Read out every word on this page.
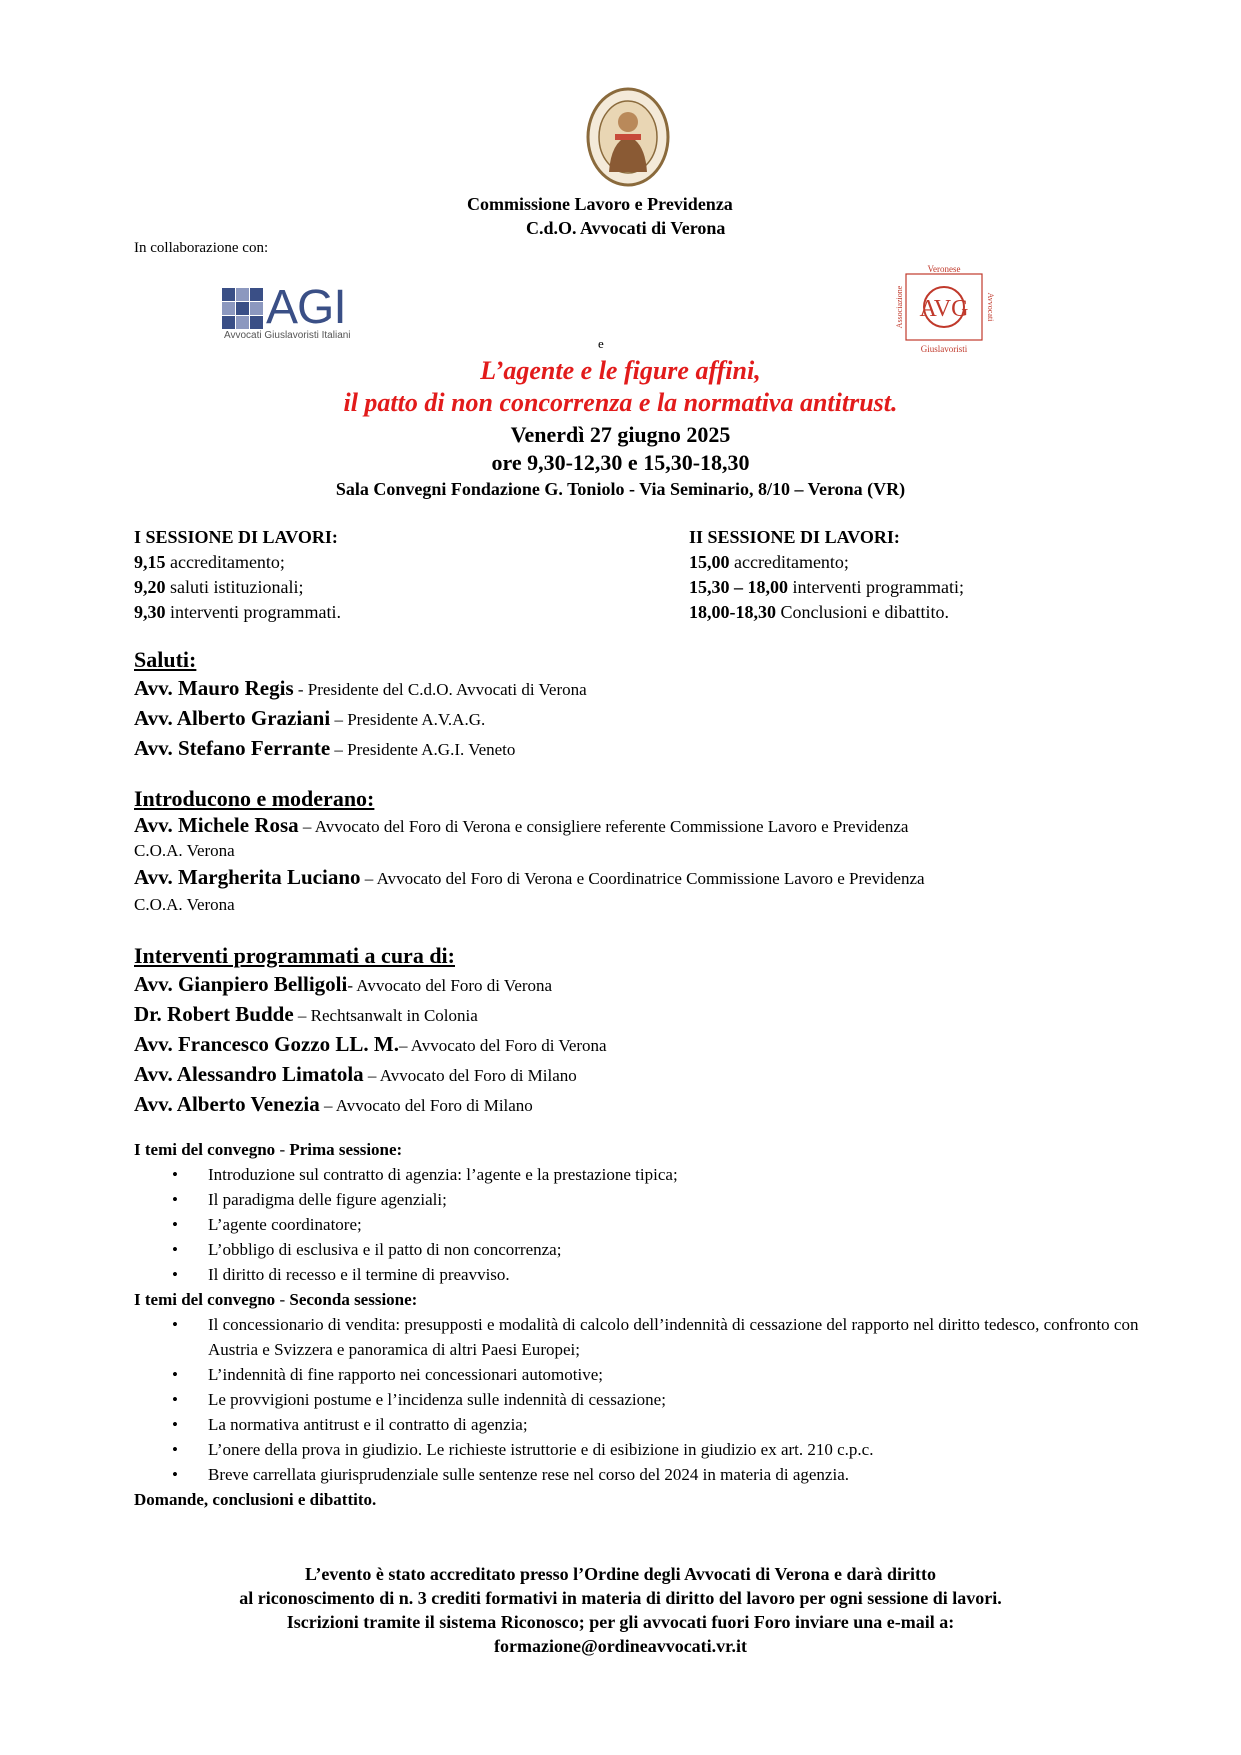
Commissione Lavoro e Previdenza
C.d.O. Avvocati di Verona
In collaborazione con:
AGI
Avvocati Giuslavoristi Italiani
e
AVG
Veronese
Giuslavoristi
Associazione	Avvocati
L’agente e le figure affini,
il patto di non concorrenza e la normativa antitrust.
Venerdì 27 giugno 2025
ore 9,30-12,30 e 15,30-18,30
Sala Convegni Fondazione G. Toniolo - Via Seminario, 8/10 – Verona (VR)
I SESSIONE DI LAVORI:
9,15 accreditamento;
9,20 saluti istituzionali;
9,30 interventi programmati.
II SESSIONE DI LAVORI:
15,00 accreditamento;
15,30 – 18,00 interventi programmati;
18,00-18,30 Conclusioni e dibattito.
Saluti:
Avv. Mauro Regis - Presidente del C.d.O. Avvocati di Verona
Avv. Alberto Graziani – Presidente A.V.A.G.
Avv. Stefano Ferrante – Presidente A.G.I. Veneto
Introducono e moderano:
Avv. Michele Rosa – Avvocato del Foro di Verona e consigliere referente Commissione Lavoro e Previdenza
C.O.A. Verona
Avv. Margherita Luciano – Avvocato del Foro di Verona e Coordinatrice Commissione Lavoro e Previdenza
C.O.A. Verona
Interventi programmati a cura di:
Avv. Gianpiero Belligoli- Avvocato del Foro di Verona
Dr. Robert Budde – Rechtsanwalt in Colonia
Avv. Francesco Gozzo LL. M.– Avvocato del Foro di Verona
Avv. Alessandro Limatola – Avvocato del Foro di Milano
Avv. Alberto Venezia – Avvocato del Foro di Milano
I temi del convegno - Prima sessione:
• Introduzione sul contratto di agenzia: l’agente e la prestazione tipica;
• Il paradigma delle figure agenziali;
• L’agente coordinatore;
• L’obbligo di esclusiva e il patto di non concorrenza;
• Il diritto di recesso e il termine di preavviso.
I temi del convegno - Seconda sessione:
• Il concessionario di vendita: presupposti e modalità di calcolo dell’indennità di cessazione del rapporto nel diritto tedesco, confronto con Austria e Svizzera e panoramica di altri Paesi Europei;
• L’indennità di fine rapporto nei concessionari automotive;
• Le provvigioni postume e l’incidenza sulle indennità di cessazione;
• La normativa antitrust e il contratto di agenzia;
• L’onere della prova in giudizio. Le richieste istruttorie e di esibizione in giudizio ex art. 210 c.p.c.
• Breve carrellata giurisprudenziale sulle sentenze rese nel corso del 2024 in materia di agenzia.
Domande, conclusioni e dibattito.
L’evento è stato accreditato presso l’Ordine degli Avvocati di Verona e darà diritto
al riconoscimento di n. 3 crediti formativi in materia di diritto del lavoro per ogni sessione di lavori.
Iscrizioni tramite il sistema Riconosco; per gli avvocati fuori Foro inviare una e-mail a:
formazione@ordineavvocati.vr.it
